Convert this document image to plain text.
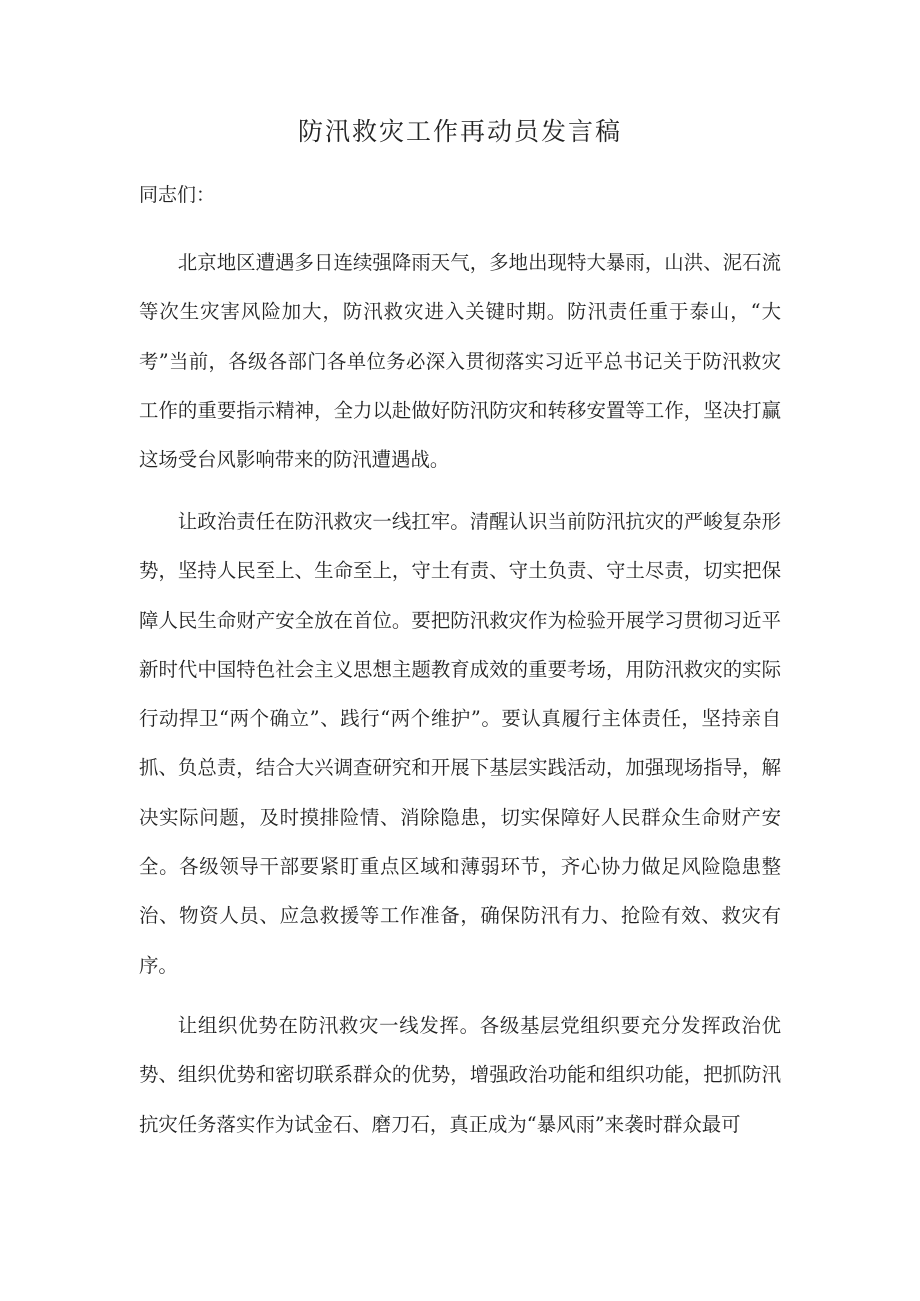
防汛救灾工作再动员发言稿

同志们：

北京地区遭遇多日连续强降雨天气，多地出现特大暴雨，山洪、泥石流等次生灾害风险加大，防汛救灾进入关键时期。防汛责任重于泰山，“大考”当前，各级各部门各单位务必深入贯彻落实习近平总书记关于防汛救灾工作的重要指示精神，全力以赴做好防汛防灾和转移安置等工作，坚决打赢这场受台风影响带来的防汛遭遇战。

让政治责任在防汛救灾一线扛牢。清醒认识当前防汛抗灾的严峻复杂形势，坚持人民至上、生命至上，守土有责、守土负责、守土尽责，切实把保障人民生命财产安全放在首位。要把防汛救灾作为检验开展学习贯彻习近平新时代中国特色社会主义思想主题教育成效的重要考场，用防汛救灾的实际行动捍卫“两个确立”、践行“两个维护”。要认真履行主体责任，坚持亲自抓、负总责，结合大兴调查研究和开展下基层实践活动，加强现场指导，解决实际问题，及时摸排险情、消除隐患，切实保障好人民群众生命财产安全。各级领导干部要紧盯重点区域和薄弱环节，齐心协力做足风险隐患整治、物资人员、应急救援等工作准备，确保防汛有力、抢险有效、救灾有序。

让组织优势在防汛救灾一线发挥。各级基层党组织要充分发挥政治优势、组织优势和密切联系群众的优势，增强政治功能和组织功能，把抓防汛抗灾任务落实作为试金石、磨刀石，真正成为“暴风雨”来袭时群众最可
